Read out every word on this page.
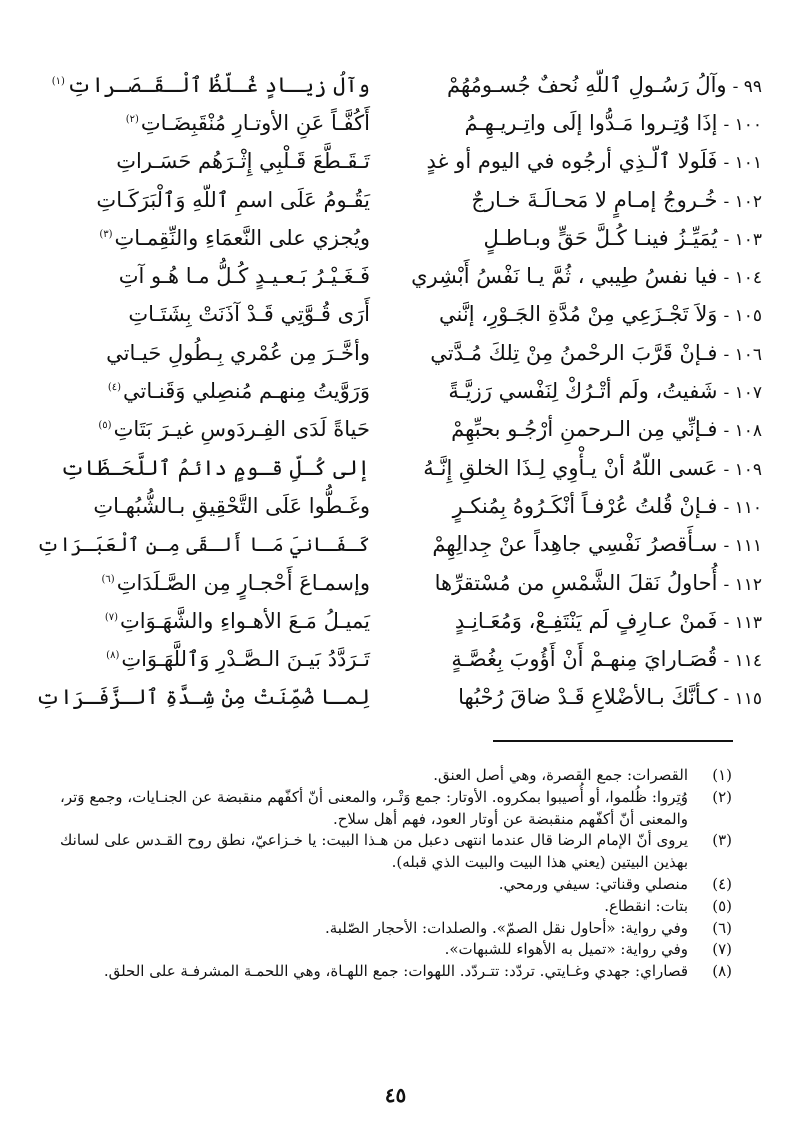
٩٩ -وآلُ رَسُـولِ ٱللّهِ نُحفٌ جُسـومُهُمْ
وآلُ زيـادٍ غُـلّظُ ٱلْـقَـصَـراتِ$^{(١)}$
١٠٠ -إذَا وُتِـروا مَـدُّوا إلَى واتِـريـهِـمُ
أَكُفَّـاً عَنِ الأوتـارِ مُنْقَبِضَـاتِ$^{(٢)}$
١٠١ -فَلَولا ٱلّـذِي أرجُوه في اليوم أو غدٍ
تَـقَـطَّعَ قَـلْبِي إِثْـرَهُم حَسَـراتِ
١٠٢ -خُـروجُ إمـامٍ لا مَحـالَـةَ خـارجٌ
يَقُـومُ عَلَى اسمِ ٱللّهِ وَٱلْبَرَكَـاتِ
١٠٣ -يُمَيِّـزُ فينـا كُـلَّ حَقٍّ وبـاطـلٍ
ويُجزي على النَّعمَاءِ والنِّقِمـاتِ$^{(٣)}$
١٠٤ -فيا نفسُ طِيبي ، ثُمَّ يـا نَفْسُ أَبْشِري
فَـغَـيْـرُ بَـعـيـدٍ كُـلُّ مـا هُـو آتِ
١٠٥ -وَلاَ تَجْـزَعِي مِنْ مُدَّةِ الجَـوْرِ، إنَّني
أَرَى قُـوَّتِي قَـدْ آذَنَتْ بِشَتَـاتِ
١٠٦ -فـإنْ قَرَّبَ الرحْمنُ مِنْ تِلكَ مُـدَّتي
وأخَّـرَ مِن عُمْري بِـطُولِ حَيـاتي
١٠٧ -شَفيتُ، ولَم أتْـرُكْ لِنَفْسي رَزيَّـةً
وَرَوَّيتُ مِنهـم مُنصِلي وَقَنـاتي$^{(٤)}$
١٠٨ -فـإنِّي مِن الـرحمنِ أرْجُـو بحبِّهِمْ
حَياةً لَدَى الفِـردَوسِ غيـرَ بَتَاتِ$^{(٥)}$
١٠٩ -عَسى اللّهُ أنْ يـأْوِي لِـذَا الخلقِ إِنَّـهُ
إلى كُـلِّ قـومٍ دائمُ ٱللَّحَـظَاتِ
١١٠ -فـإنْ قُلتُ عُرْفـاً أنْكَـرُوهُ بِمُنكـرٍ
وغَـطُّوا عَلَى التَّحْقِيقِ بـالشُّبُهـاتِ
١١١ -سـأَقصرُ نَفْسِي جاهِداً عنْ جِدالِهِمْ
كَـفَـانيَ مَـا أَلـقَى مِـن ٱلْعَبَـرَاتِ
١١٢ -أُحاولُ نَقلَ الشَّمْسِ من مُسْتقرِّها
وإسمـاعَ أَحْجـارٍ مِن الصَّـلَدَاتِ$^{(٦)}$
١١٣ -فَمنْ عـارِفٍ لَم يَنْتَفِـعْ، وَمُعَـانِـدٍ
يَميـلُ مَـعَ الأهـواءِ والشَّهَـوَاتِ$^{(٧)}$
١١٤ -قُصَـارايَ مِنهـمْ أَنْ أَؤُوبَ بِغُصَّـةٍ
تَـرَدَّدُ بَيـنَ الـصَّـدْرِ وَٱللَّهَـوَاتِ$^{(٨)}$
١١٥ -كـأنَّكَ بـالأضْلاعِ قَـدْ ضاقَ رُحْبُها
لِمـا ضُمِّنَتْ مِنْ شِـدَّةِ ٱلـزَّفَـرَاتِ
(١)
القصرات: جمع القصرة، وهي أصل العنق.
(٢)
وُتِروا: ظُلموا، أو أُصيبوا بمكروه. الأوتار: جمع وَتْـر، والمعنى أنّ أكفّهم منقبضة عن الجنـايات، وجمع وَتر، والمعنى أنّ أكفّهم منقبضة عن أوتار العود، فهم أهل سلاح.
(٣)
يروى أنّ الإمام الرضا قال عندما انتهى دعبل من هـذا البيت: يا خـزاعيّ، نطق روح القـدس على لسانك بهذين البيتين (يعني هذا البيت والبيت الذي قبله).
(٤)
منصلي وقناتي: سيفي ورمحي.
(٥)
بتات: انقطاع.
(٦)
وفي رواية: «أحاول نقل الصمّ». والصلدات: الأحجار الصّلبة.
(٧)
وفي رواية: «تميل به الأهواء للشبهات».
(٨)
قصاراي: جهدي وغـايتي. تردّد: تتـردّد. اللهوات: جمع اللهـاة، وهي اللحمـة المشرفـة على الحلق.
٤٥
